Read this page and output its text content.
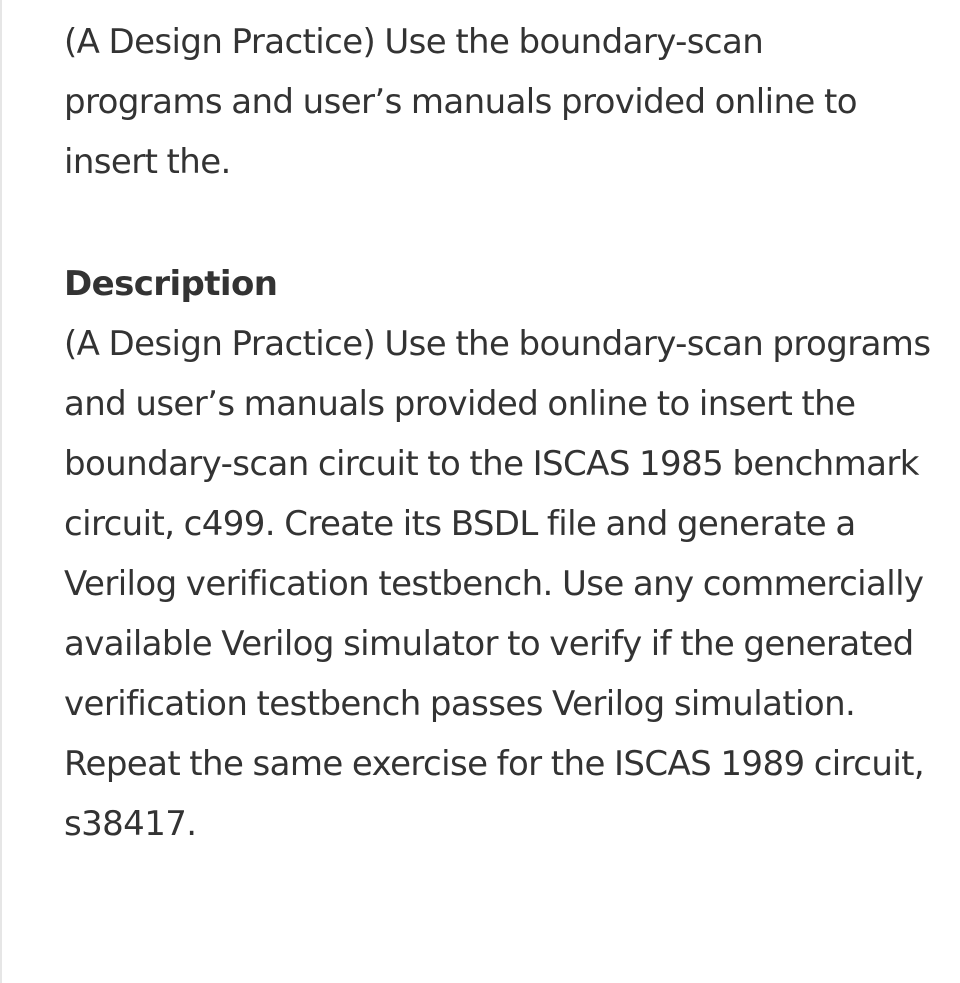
(A Design Practice) Use the boundary-scan programs and user’s manuals provided online to insert the.

Description

(A Design Practice) Use the boundary-scan programs and user’s manuals provided online to insert the boundary-scan circuit to the ISCAS 1985 benchmark circuit, c499. Create its BSDL file and generate a Verilog verification testbench. Use any commercially available Verilog simulator to verify if the generated verification testbench passes Verilog simulation. Repeat the same exercise for the ISCAS 1989 circuit, s38417.
